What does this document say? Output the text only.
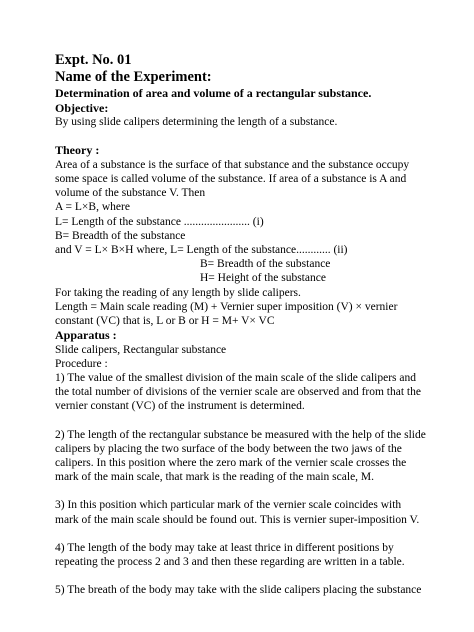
Expt. No. 01
Name of the Experiment:
Determination of area and volume of a rectangular substance.
Objective:
By using slide calipers determining the length of a substance.
Theory :
Area of a substance is the surface of that substance and the substance occupy
some space is called volume of the substance. If area of a substance is A and
volume of the substance V. Then
A = L×B, where
L= Length of the substance ....................... (i)
B= Breadth of the substance
and V = L× B×H where, L= Length of the substance............ (ii)
B= Breadth of the substance
H= Height of the substance
For taking the reading of any length by slide calipers.
Length = Main scale reading (M) + Vernier super imposition (V) × vernier
constant (VC) that is, L or B or H = M+ V× VC
Apparatus :
Slide calipers, Rectangular substance
Procedure :
1) The value of the smallest division of the main scale of the slide calipers and
the total number of divisions of the vernier scale are observed and from that the
vernier constant (VC) of the instrument is determined.
2) The length of the rectangular substance be measured with the help of the slide
calipers by placing the two surface of the body between the two jaws of the
calipers. In this position where the zero mark of the vernier scale crosses the
mark of the main scale, that mark is the reading of the main scale, M.
3) In this position which particular mark of the vernier scale coincides with
mark of the main scale should be found out. This is vernier super-imposition V.
4) The length of the body may take at least thrice in different positions by
repeating the process 2 and 3 and then these regarding are written in a table.
5) The breath of the body may take with the slide calipers placing the substance
